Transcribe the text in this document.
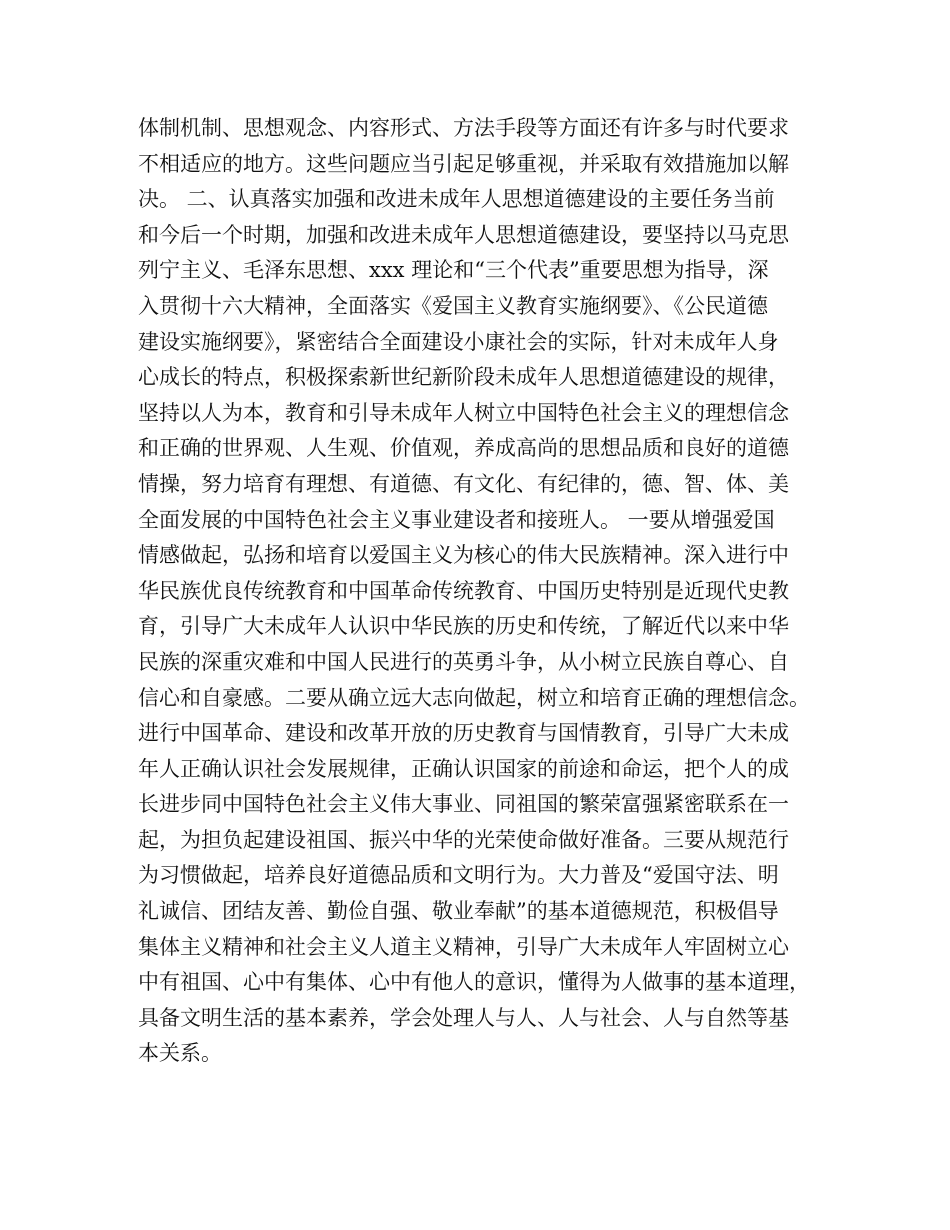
体制机制、思想观念、内容形式、方法手段等方面还有许多与时代要求
不相适应的地方。这些问题应当引起足够重视，并采取有效措施加以解
决。 二、认真落实加强和改进未成年人思想道德建设的主要任务当前
和今后一个时期，加强和改进未成年人思想道德建设，要坚持以马克思
列宁主义、毛泽东思想、xxx 理论和“三个代表”重要思想为指导，深
入贯彻十六大精神，全面落实《爱国主义教育实施纲要》、《公民道德
建设实施纲要》，紧密结合全面建设小康社会的实际，针对未成年人身
心成长的特点，积极探索新世纪新阶段未成年人思想道德建设的规律，
坚持以人为本，教育和引导未成年人树立中国特色社会主义的理想信念
和正确的世界观、人生观、价值观，养成高尚的思想品质和良好的道德
情操，努力培育有理想、有道德、有文化、有纪律的，德、智、体、美
全面发展的中国特色社会主义事业建设者和接班人。 一要从增强爱国
情感做起，弘扬和培育以爱国主义为核心的伟大民族精神。深入进行中
华民族优良传统教育和中国革命传统教育、中国历史特别是近现代史教
育，引导广大未成年人认识中华民族的历史和传统，了解近代以来中华
民族的深重灾难和中国人民进行的英勇斗争，从小树立民族自尊心、自
信心和自豪感。二要从确立远大志向做起，树立和培育正确的理想信念。
进行中国革命、建设和改革开放的历史教育与国情教育，引导广大未成
年人正确认识社会发展规律，正确认识国家的前途和命运，把个人的成
长进步同中国特色社会主义伟大事业、同祖国的繁荣富强紧密联系在一
起，为担负起建设祖国、振兴中华的光荣使命做好准备。三要从规范行
为习惯做起，培养良好道德品质和文明行为。大力普及“爱国守法、明
礼诚信、团结友善、勤俭自强、敬业奉献”的基本道德规范，积极倡导
集体主义精神和社会主义人道主义精神，引导广大未成年人牢固树立心
中有祖国、心中有集体、心中有他人的意识，懂得为人做事的基本道理，
具备文明生活的基本素养，学会处理人与人、人与社会、人与自然等基
本关系。
